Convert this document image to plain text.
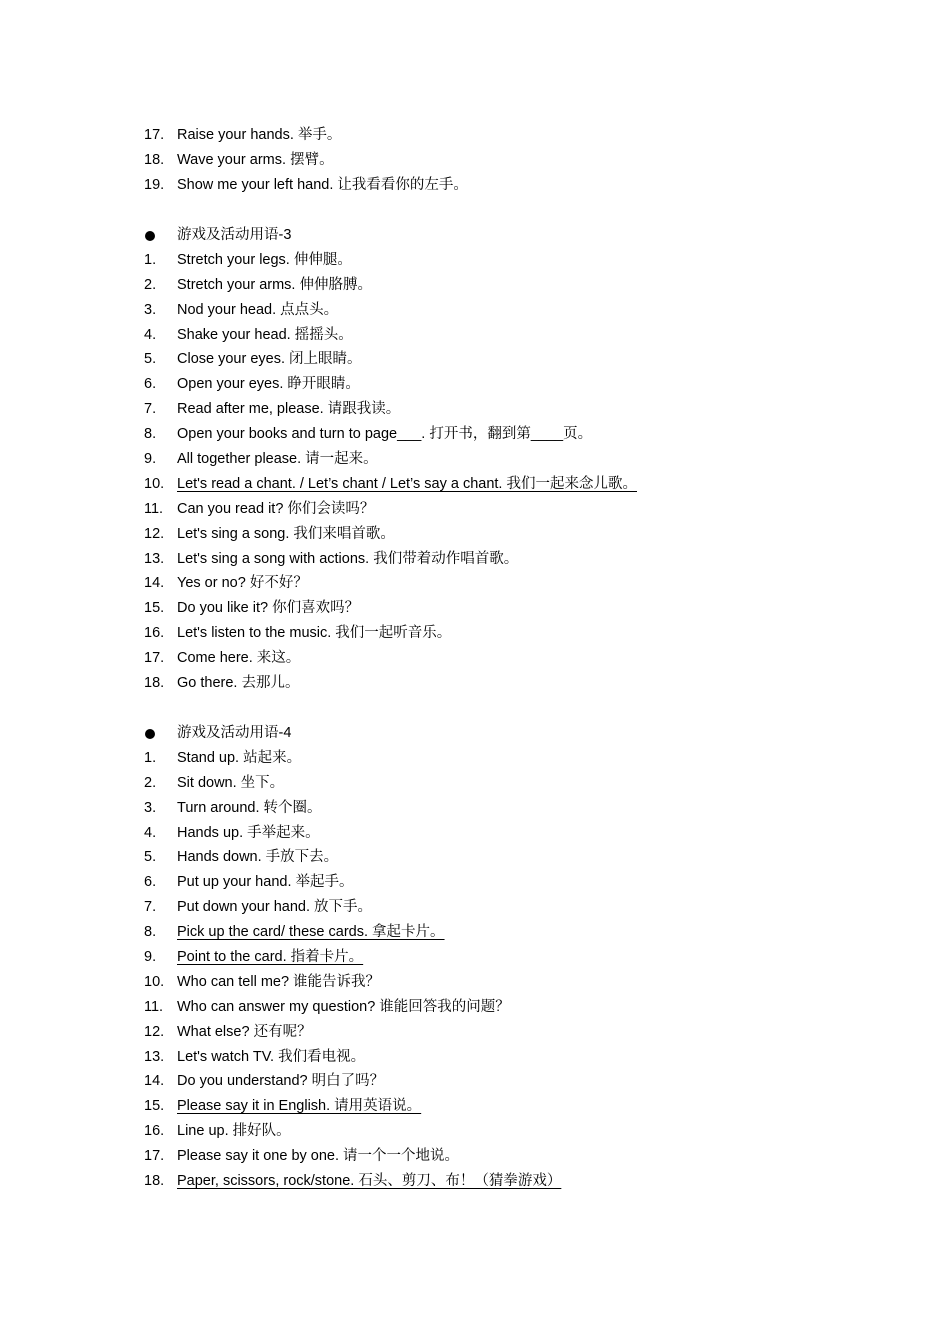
17. Raise your hands. 举手。
18. Wave your arms. 摆臂。
19. Show me your left hand. 让我看看你的左手。
游戏及活动用语-3
1. Stretch your legs. 伸伸腿。
2. Stretch your arms. 伸伸胳膊。
3. Nod your head. 点点头。
4. Shake your head. 摇摇头。
5. Close your eyes. 闭上眼睛。
6. Open your eyes. 睁开眼睛。
7. Read after me, please. 请跟我读。
8. Open your books and turn to page___. 打开书，翻到第____页。
9. All together please. 请一起来。
10. Let's read a chant. / Let’s chant / Let’s say a chant. 我们一起来念儿歌。
11. Can you read it? 你们会读吗？
12. Let's sing a song. 我们来唱首歌。
13. Let's sing a song with actions. 我们带着动作唱首歌。
14. Yes or no? 好不好？
15. Do you like it? 你们喜欢吗？
16. Let's listen to the music. 我们一起听音乐。
17. Come here. 来这。
18. Go there. 去那儿。
游戏及活动用语-4
1. Stand up. 站起来。
2. Sit down. 坐下。
3. Turn around. 转个圈。
4. Hands up. 手举起来。
5. Hands down. 手放下去。
6. Put up your hand. 举起手。
7. Put down your hand. 放下手。
8. Pick up the card/ these cards. 拿起卡片。
9. Point to the card. 指着卡片。
10. Who can tell me? 谁能告诉我？
11. Who can answer my question? 谁能回答我的问题？
12. What else? 还有呢？
13. Let's watch TV. 我们看电视。
14. Do you understand? 明白了吗？
15. Please say it in English. 请用英语说。
16. Line up. 排好队。
17. Please say it one by one. 请一个一个地说。
18. Paper, scissors, rock/stone. 石头、剪刀、布！（猜拳游戏）
